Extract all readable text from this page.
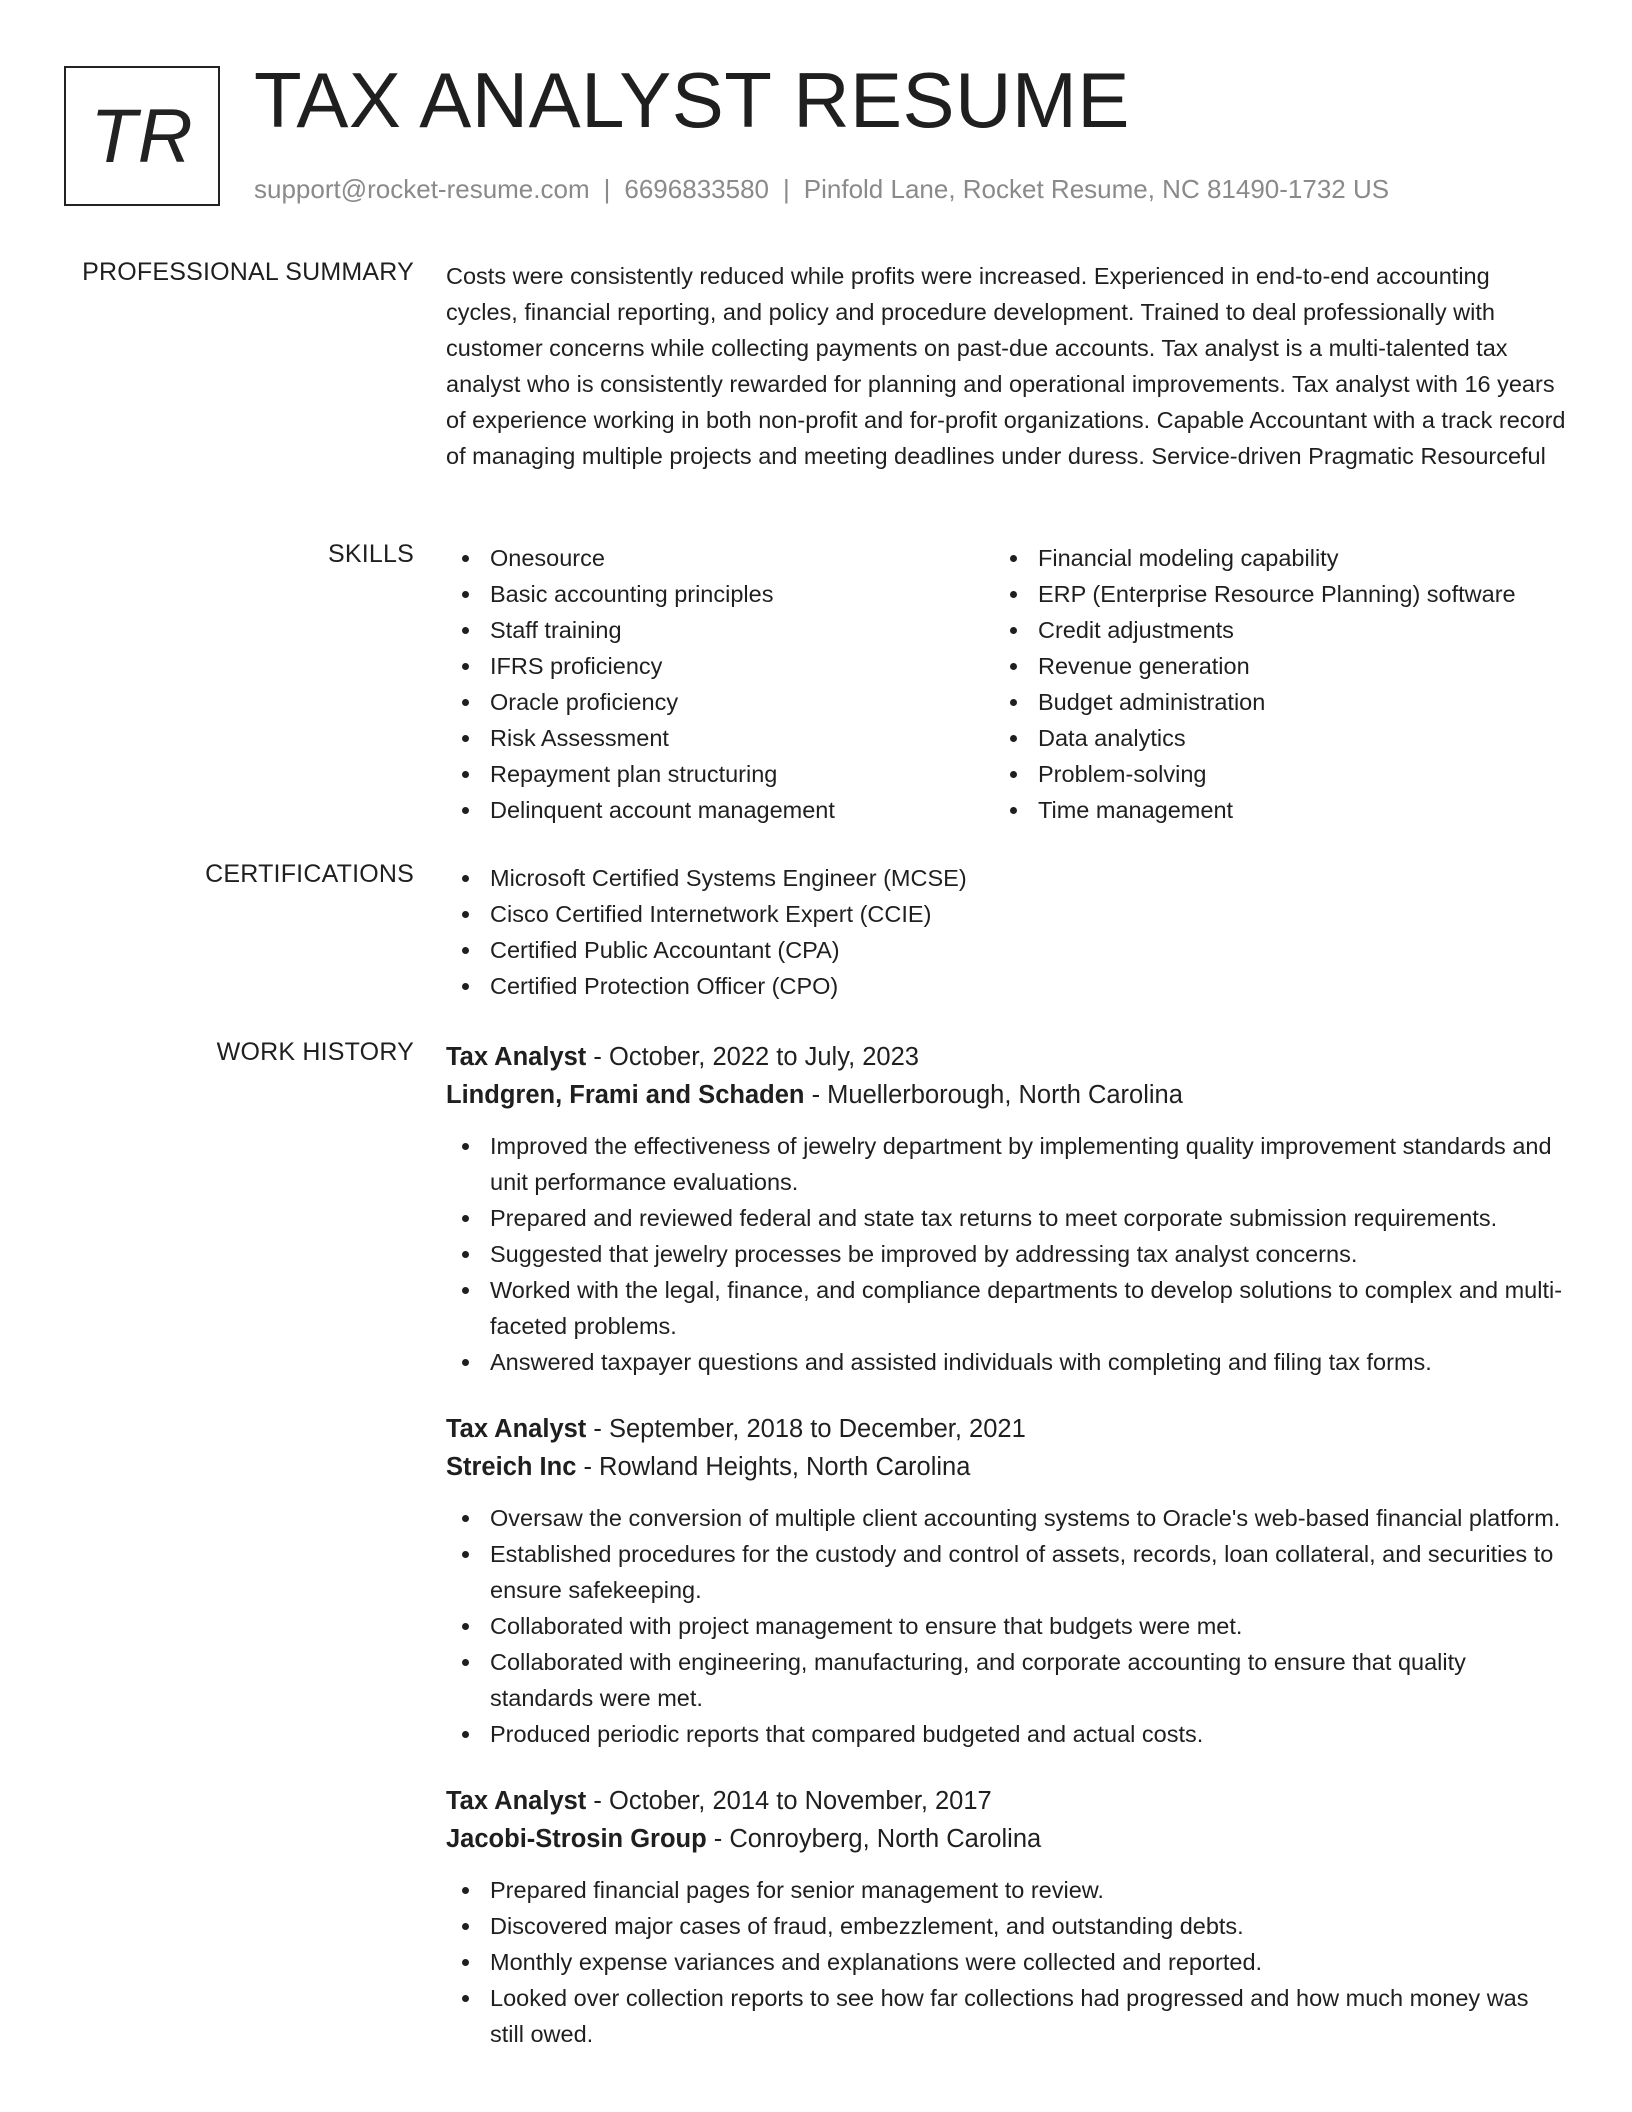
TR TAX ANALYST RESUME
support@rocket-resume.com | 6696833580 | Pinfold Lane, Rocket Resume, NC 81490-1732 US
PROFESSIONAL SUMMARY Costs were consistently reduced while profits were increased. Experienced in end-to-end accounting cycles, financial reporting, and policy and procedure development. Trained to deal professionally with customer concerns while collecting payments on past-due accounts. Tax analyst is a multi-talented tax analyst who is consistently rewarded for planning and operational improvements. Tax analyst with 16 years of experience working in both non-profit and for-profit organizations. Capable Accountant with a track record of managing multiple projects and meeting deadlines under duress. Service-driven Pragmatic Resourceful

SKILLS	Onesource
Basic accounting principles
Staff training
IFRS proficiency
Oracle proficiency
Risk Assessment
Repayment plan structuring
Delinquent account management
Financial modeling capability
ERP (Enterprise Resource Planning) software
Credit adjustments
Revenue generation
Budget administration
Data analytics
Problem-solving
Time management
CERTIFICATIONS	Microsoft Certified Systems Engineer (MCSE)
Cisco Certified Internetwork Expert (CCIE)
Certified Public Accountant (CPA)
Certified Protection Officer (CPO)
WORK HISTORY Tax Analyst - October, 2022 to July, 2023
Lindgren, Frami and Schaden - Muellerborough, North Carolina
Improved the effectiveness of jewelry department by implementing quality improvement standards and unit performance evaluations.
Prepared and reviewed federal and state tax returns to meet corporate submission requirements.
Suggested that jewelry processes be improved by addressing tax analyst concerns.
Worked with the legal, finance, and compliance departments to develop solutions to complex and multi-faceted problems.
Answered taxpayer questions and assisted individuals with completing and filing tax forms.
Tax Analyst - September, 2018 to December, 2021
Streich Inc - Rowland Heights, North Carolina
Oversaw the conversion of multiple client accounting systems to Oracle's web-based financial platform.
Established procedures for the custody and control of assets, records, loan collateral, and securities to ensure safekeeping.
Collaborated with project management to ensure that budgets were met.
Collaborated with engineering, manufacturing, and corporate accounting to ensure that quality standards were met.
Produced periodic reports that compared budgeted and actual costs.
Tax Analyst - October, 2014 to November, 2017
Jacobi-Strosin Group - Conroyberg, North Carolina
Prepared financial pages for senior management to review.
Discovered major cases of fraud, embezzlement, and outstanding debts.
Monthly expense variances and explanations were collected and reported.
Looked over collection reports to see how far collections had progressed and how much money was still owed.
